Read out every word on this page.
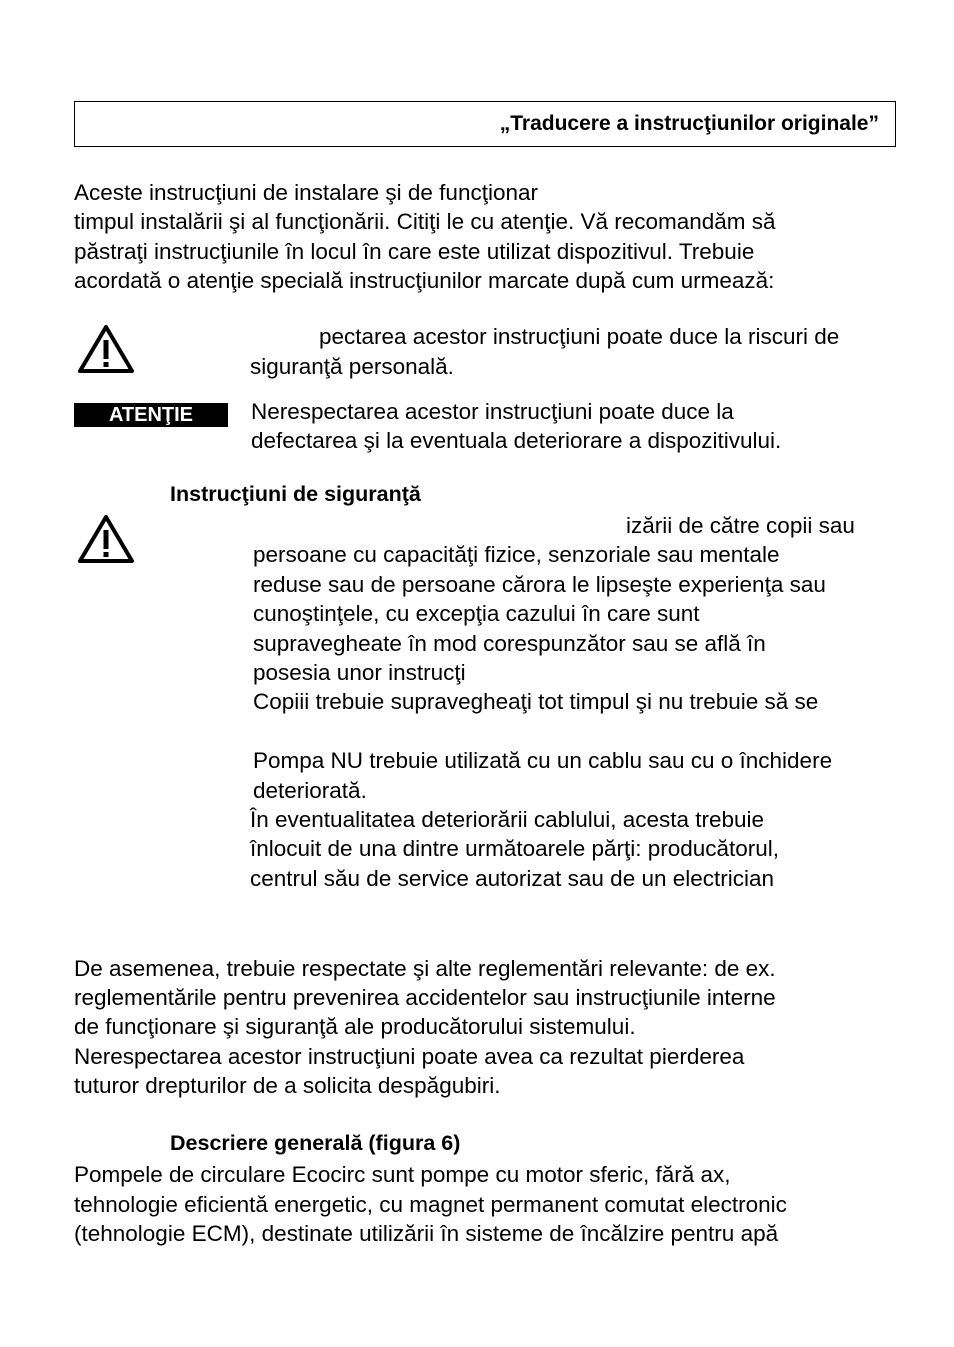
„Traducere a instrucţiunilor originale”
Aceste instrucţiuni de instalare şi de funcţionar
timpul instalării şi al funcţionării. Citiţi le cu atenţie. Vă recomandăm să
păstraţi instrucţiunile în locul în care este utilizat dispozitivul. Trebuie
acordată o atenţie specială instrucţiunilor marcate după cum urmează:
pectarea acestor instrucţiuni poate duce la riscuri de
siguranţă personală.
ATENŢIE	Nerespectarea acestor instrucţiuni poate duce la
defectarea şi la eventuala deteriorare a dispozitivului.
Instrucţiuni de siguranţă
izării de către copii sau
persoane cu capacităţi fizice, senzoriale sau mentale
reduse sau de persoane cărora le lipseşte experienţa sau
cunoştinţele, cu excepţia cazului în care sunt
supravegheate în mod corespunzător sau se află în
posesia unor instrucţi
Copiii trebuie supravegheaţi tot timpul şi nu trebuie să se
Pompa NU trebuie utilizată cu un cablu sau cu o închidere
deteriorată.
În eventualitatea deteriorării cablului, acesta trebuie
înlocuit de una dintre următoarele părţi: producătorul,
centrul său de service autorizat sau de un electrician
De asemenea, trebuie respectate şi alte reglementări relevante: de ex.
reglementările pentru prevenirea accidentelor sau instrucţiunile interne
de funcţionare şi siguranţă ale producătorului sistemului.
Nerespectarea acestor instrucţiuni poate avea ca rezultat pierderea
tuturor drepturilor de a solicita despăgubiri.
Descriere generală (figura 6)
Pompele de circulare Ecocirc sunt pompe cu motor sferic, fără ax,
tehnologie eficientă energetic, cu magnet permanent comutat electronic
(tehnologie ECM), destinate utilizării în sisteme de încălzire pentru apă
